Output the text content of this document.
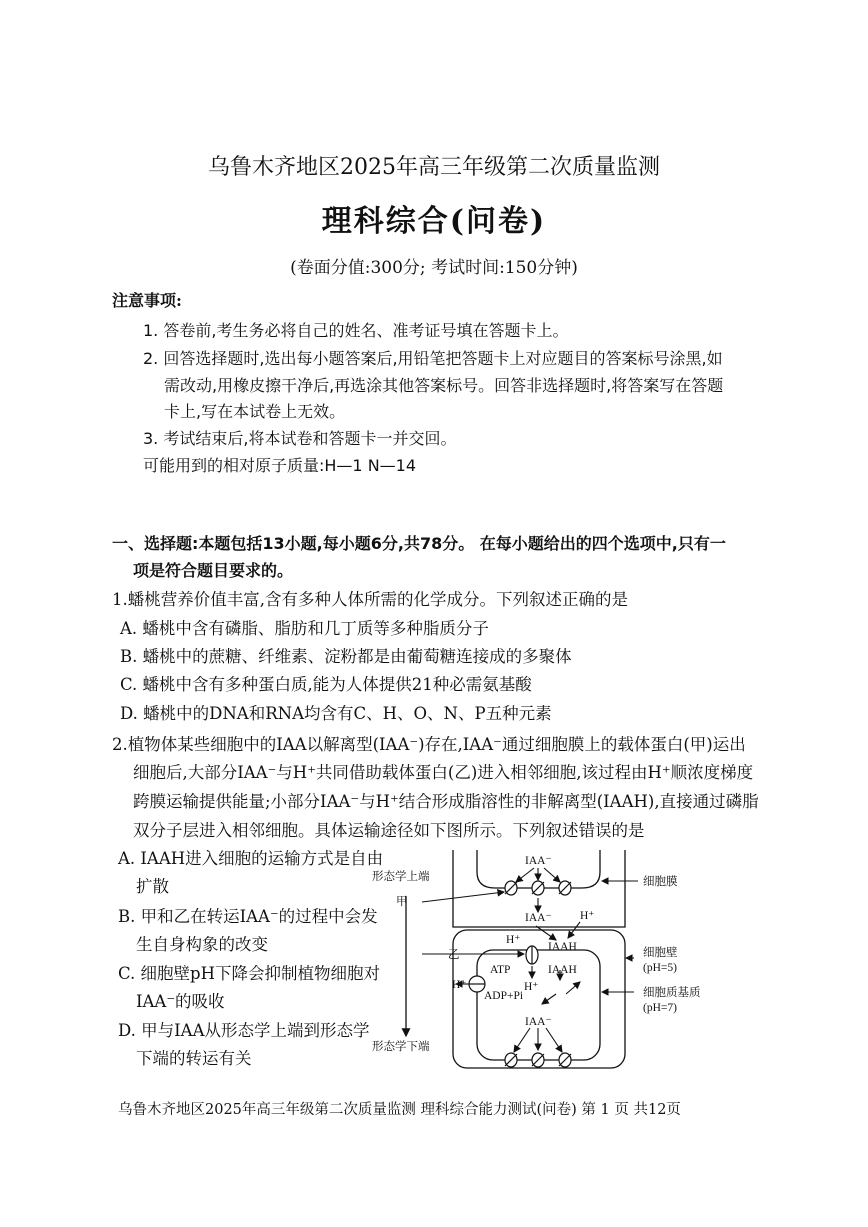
乌鲁木齐地区2025年高三年级第二次质量监测
理科综合(问卷)
(卷面分值:300分; 考试时间:150分钟)
注意事项:
1. 答卷前,考生务必将自己的姓名、准考证号填在答题卡上。
2. 回答选择题时,选出每小题答案后,用铅笔把答题卡上对应题目的答案标号涂黑,如
需改动,用橡皮擦干净后,再选涂其他答案标号。回答非选择题时,将答案写在答题
卡上,写在本试卷上无效。
3. 考试结束后,将本试卷和答题卡一并交回。
可能用到的相对原子质量:H—1 N—14
一、选择题:本题包括13小题,每小题6分,共78分。 在每小题给出的四个选项中,只有一
项是符合题目要求的。
1.蟠桃营养价值丰富,含有多种人体所需的化学成分。下列叙述正确的是
A. 蟠桃中含有磷脂、脂肪和几丁质等多种脂质分子
B. 蟠桃中的蔗糖、纤维素、淀粉都是由葡萄糖连接成的多聚体
C. 蟠桃中含有多种蛋白质,能为人体提供21种必需氨基酸
D. 蟠桃中的DNA和RNA均含有C、H、O、N、P五种元素
2.植物体某些细胞中的IAA以解离型(IAA⁻)存在,IAA⁻通过细胞膜上的载体蛋白(甲)运出
细胞后,大部分IAA⁻与H⁺共同借助载体蛋白(乙)进入相邻细胞,该过程由H⁺顺浓度梯度
跨膜运输提供能量;小部分IAA⁻与H⁺结合形成脂溶性的非解离型(IAAH),直接通过磷脂
双分子层进入相邻细胞。具体运输途径如下图所示。下列叙述错误的是
A. IAAH进入细胞的运输方式是自由
扩散
B. 甲和乙在转运IAA⁻的过程中会发
生自身构象的改变
C. 细胞壁pH下降会抑制植物细胞对
IAA⁻的吸收
D. 甲与IAA从形态学上端到形态学
下端的转运有关
形态学上端
甲
乙
形态学下端
IAA⁻
IAA⁻ H⁺
H⁺
IAAH
ATP	IAAH
H⁺	H⁺
ADP+Pi
IAA⁻
细胞膜
细胞壁
(pH=5)
细胞质基质
(pH=7)
乌鲁木齐地区2025年高三年级第二次质量监测 理科综合能力测试(问卷) 第 1 页 共12页
